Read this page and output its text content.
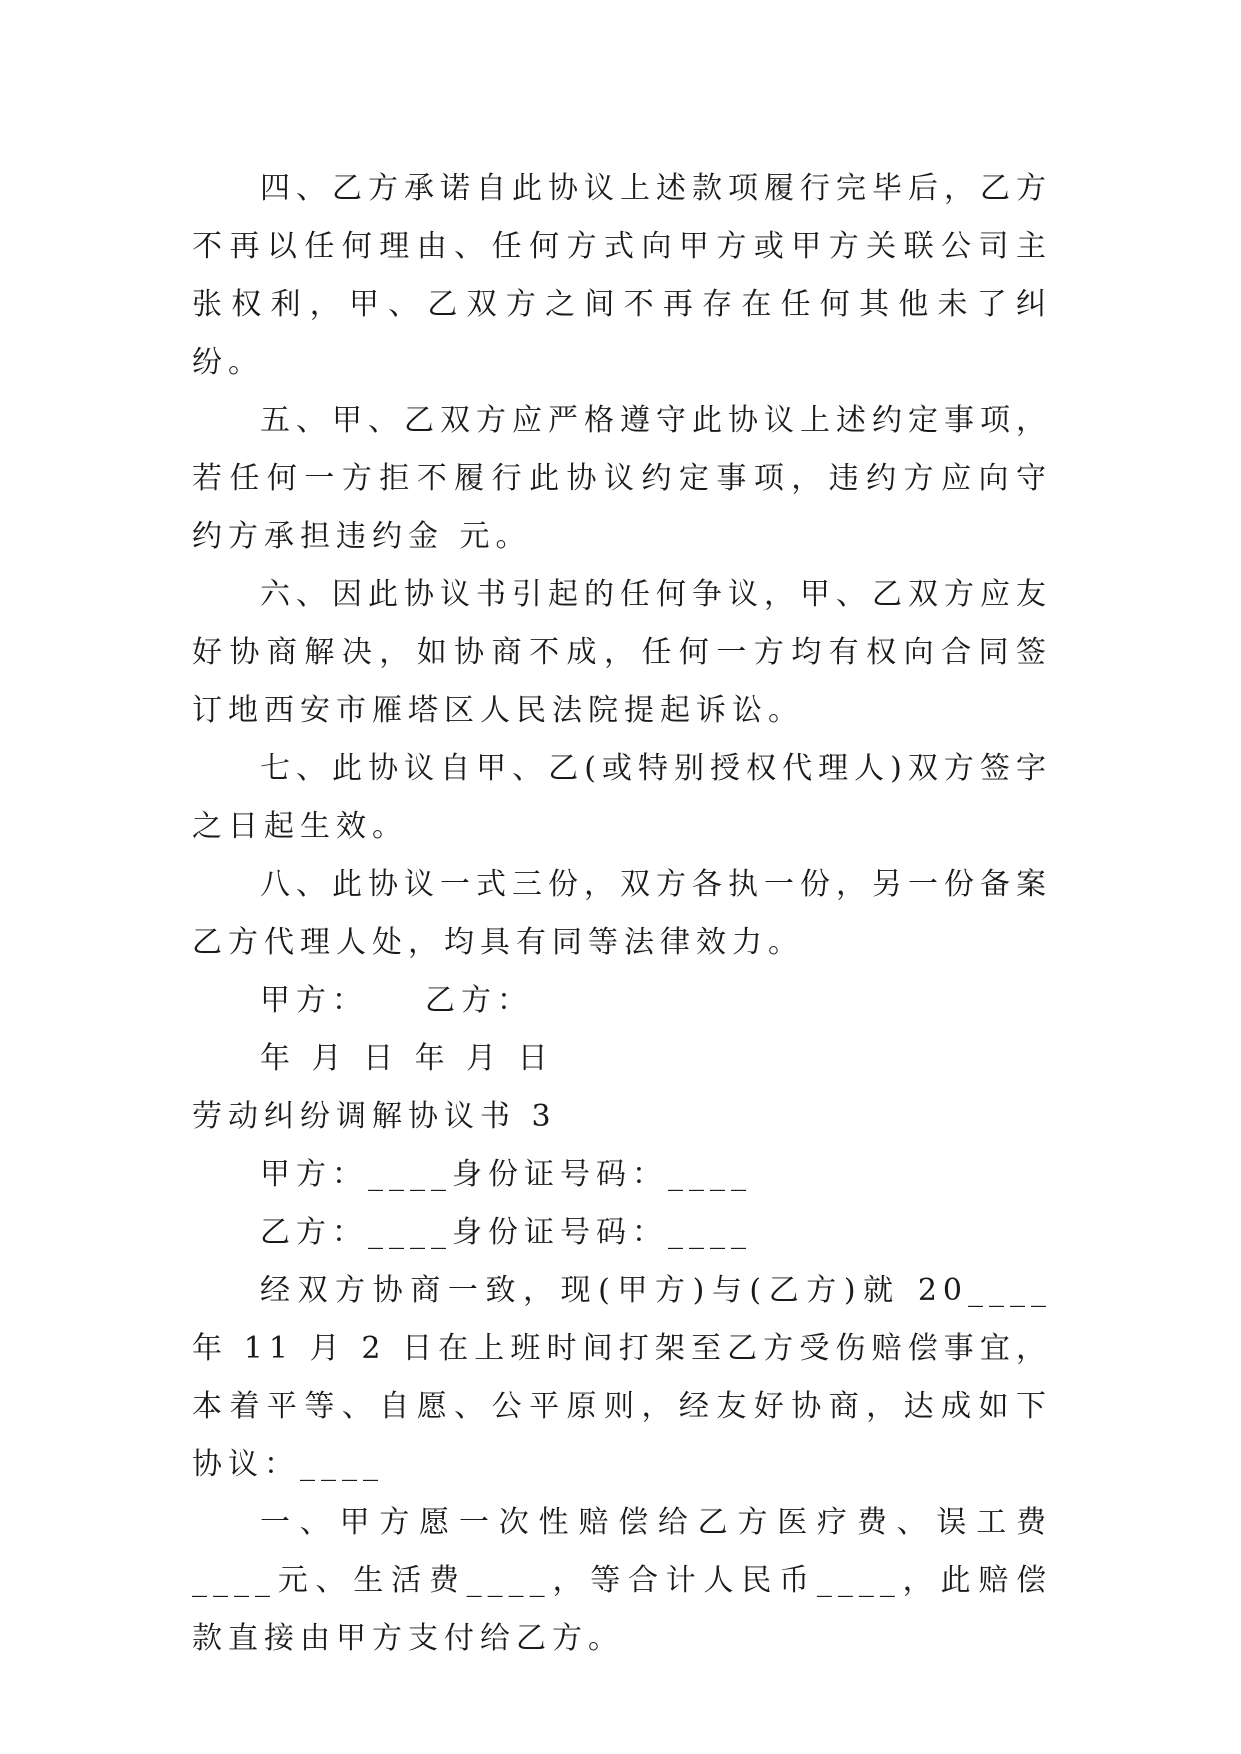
四、乙方承诺自此协议上述款项履行完毕后，乙方不再以任何理由、任何方式向甲方或甲方关联公司主张权利，甲、乙双方之间不再存在任何其他未了纠纷。

五、甲、乙双方应严格遵守此协议上述约定事项，若任何一方拒不履行此协议约定事项，违约方应向守约方承担违约金 元。

六、因此协议书引起的任何争议，甲、乙双方应友好协商解决，如协商不成，任何一方均有权向合同签订地西安市雁塔区人民法院提起诉讼。

七、此协议自甲、乙(或特别授权代理人)双方签字之日起生效。

八、此协议一式三份，双方各执一份，另一份备案乙方代理人处，均具有同等法律效力。

甲方：　　乙方：

年 月 日 年 月 日

劳动纠纷调解协议书 3

甲方：____身份证号码：____

乙方：____身份证号码：____

经双方协商一致，现(甲方)与(乙方)就 20____年 11 月 2 日在上班时间打架至乙方受伤赔偿事宜，本着平等、自愿、公平原则，经友好协商，达成如下协议：____

一、甲方愿一次性赔偿给乙方医疗费、误工费____元、生活费____，等合计人民币____，此赔偿款直接由甲方支付给乙方。
